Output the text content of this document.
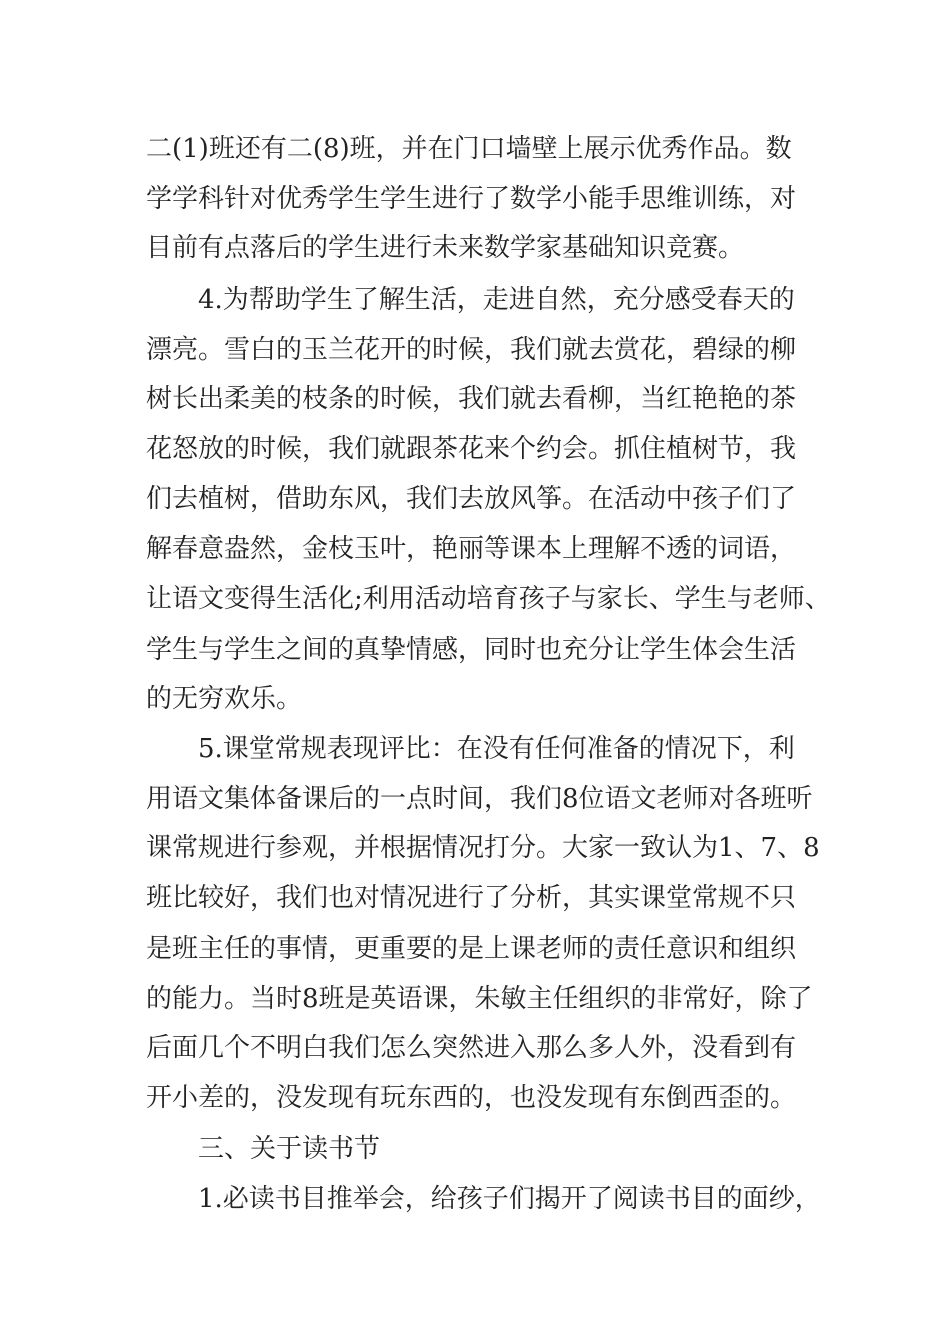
二(1)班还有二(8)班，并在门口墙壁上展示优秀作品。数
学学科针对优秀学生学生进行了数学小能手思维训练，对
目前有点落后的学生进行未来数学家基础知识竞赛。
4.为帮助学生了解生活，走进自然，充分感受春天的
漂亮。雪白的玉兰花开的时候，我们就去赏花，碧绿的柳
树长出柔美的枝条的时候，我们就去看柳，当红艳艳的茶
花怒放的时候，我们就跟茶花来个约会。抓住植树节，我
们去植树，借助东风，我们去放风筝。在活动中孩子们了
解春意盎然，金枝玉叶，艳丽等课本上理解不透的词语，
让语文变得生活化;利用活动培育孩子与家长、学生与老师、
学生与学生之间的真挚情感，同时也充分让学生体会生活
的无穷欢乐。
5.课堂常规表现评比：在没有任何准备的情况下，利
用语文集体备课后的一点时间，我们8位语文老师对各班听
课常规进行参观，并根据情况打分。大家一致认为1、7、8
班比较好，我们也对情况进行了分析，其实课堂常规不只
是班主任的事情，更重要的是上课老师的责任意识和组织
的能力。当时8班是英语课，朱敏主任组织的非常好，除了
后面几个不明白我们怎么突然进入那么多人外，没看到有
开小差的，没发现有玩东西的，也没发现有东倒西歪的。
三、关于读书节
1.必读书目推举会，给孩子们揭开了阅读书目的面纱，
